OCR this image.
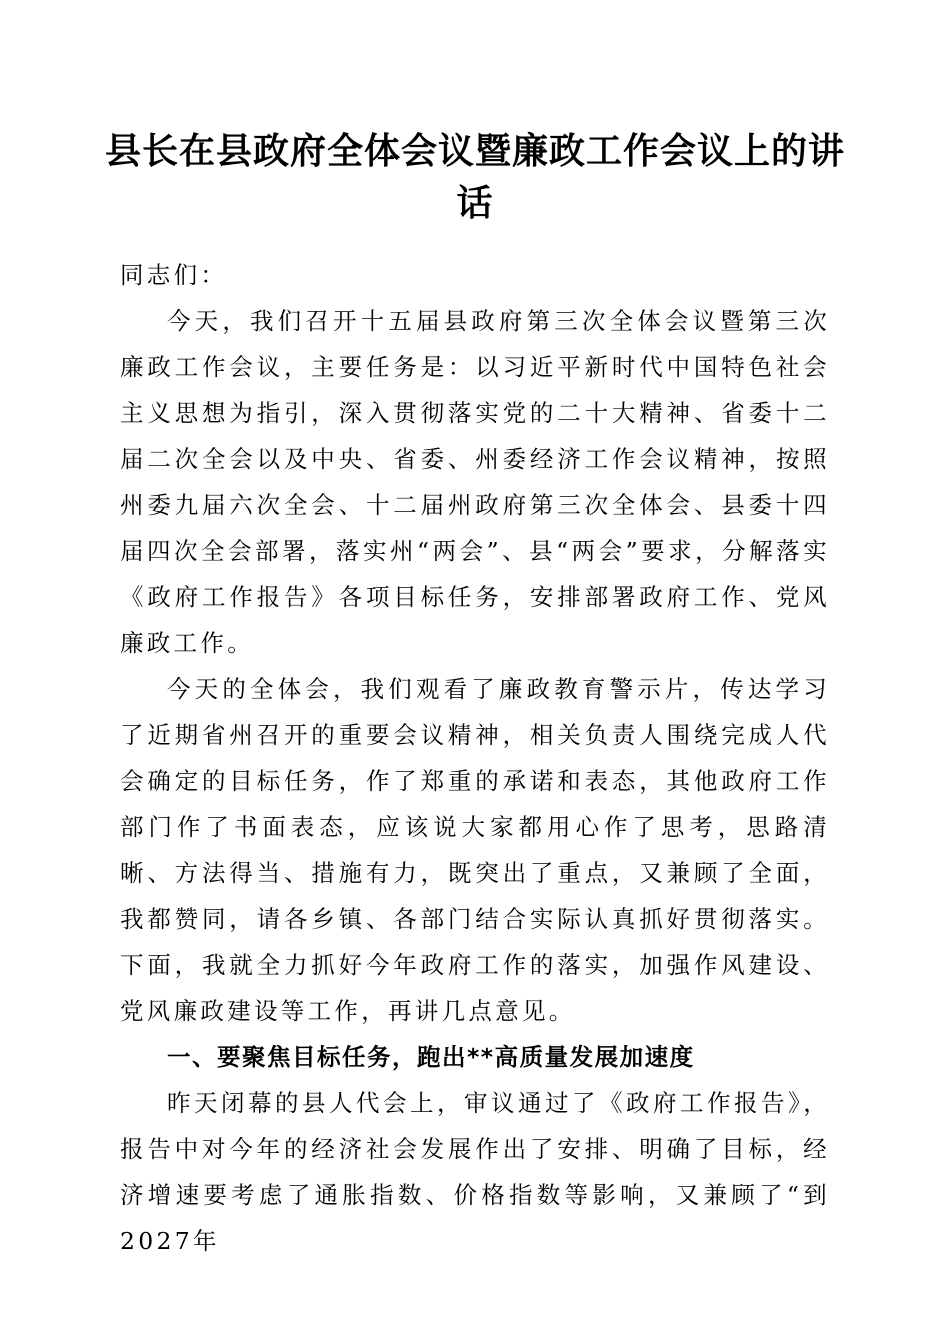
县长在县政府全体会议暨廉政工作会议上的讲话

同志们：

今天，我们召开十五届县政府第三次全体会议暨第三次廉政工作会议，主要任务是：以习近平新时代中国特色社会主义思想为指引，深入贯彻落实党的二十大精神、省委十二届二次全会以及中央、省委、州委经济工作会议精神，按照州委九届六次全会、十二届州政府第三次全体会、县委十四届四次全会部署，落实州“两会”、县“两会”要求，分解落实《政府工作报告》各项目标任务，安排部署政府工作、党风廉政工作。

今天的全体会，我们观看了廉政教育警示片，传达学习了近期省州召开的重要会议精神，相关负责人围绕完成人代会确定的目标任务，作了郑重的承诺和表态，其他政府工作部门作了书面表态，应该说大家都用心作了思考，思路清晰、方法得当、措施有力，既突出了重点，又兼顾了全面，我都赞同，请各乡镇、各部门结合实际认真抓好贯彻落实。下面，我就全力抓好今年政府工作的落实，加强作风建设、党风廉政建设等工作，再讲几点意见。

一、要聚焦目标任务，跑出**高质量发展加速度

昨天闭幕的县人代会上，审议通过了《政府工作报告》，报告中对今年的经济社会发展作出了安排、明确了目标，经济增速要考虑了通胀指数、价格指数等影响，又兼顾了“到2027年
